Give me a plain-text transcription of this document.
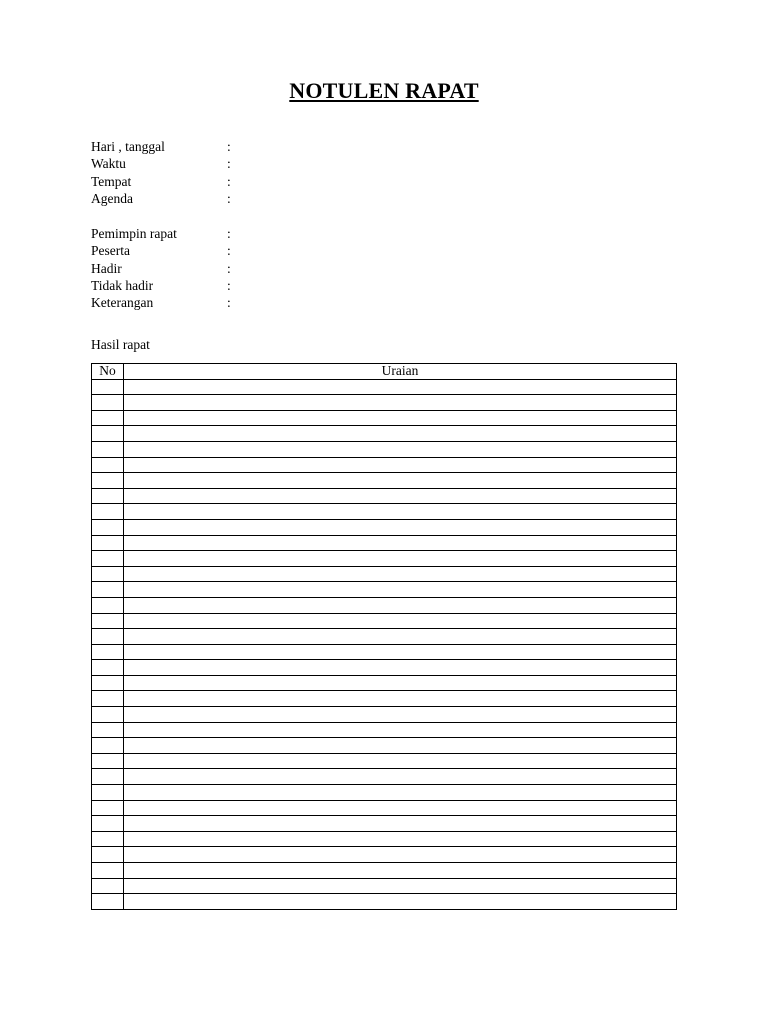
NOTULEN RAPAT
Hari , tanggal	:
Waktu	:
Tempat	:
Agenda	:
Pemimpin rapat	:
Peserta	:
Hadir	:
Tidak hadir	:
Keterangan	:
Hasil rapat
No	Uraian
